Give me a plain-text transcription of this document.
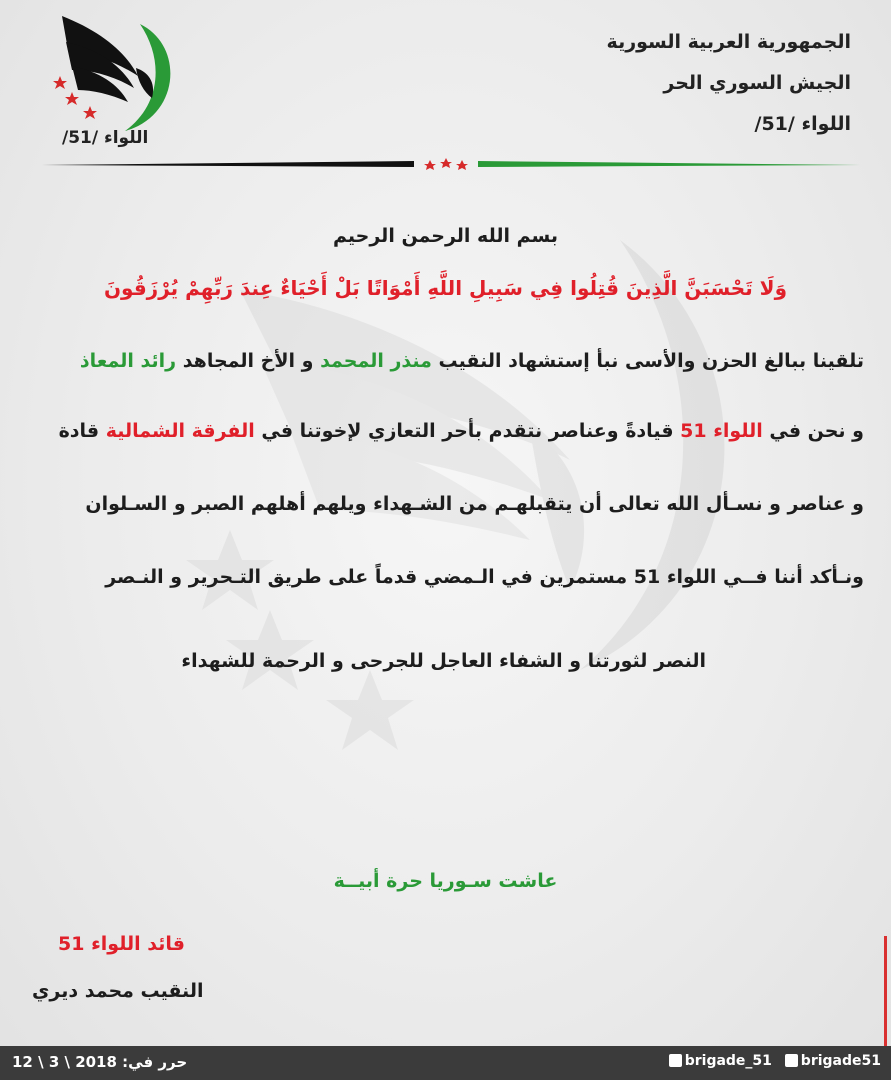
الجمهورية العربية السورية
الجيش السوري الحر
اللواء /51/
اللواء /51/
بسم الله الرحمن الرحيم
وَلَا تَحْسَبَنَّ الَّذِينَ قُتِلُوا فِي سَبِيلِ اللَّهِ أَمْوَاتًا بَلْ أَحْيَاءٌ عِندَ رَبِّهِمْ يُرْزَقُونَ
تلقينا ببالغ الحزن والأسى نبأ إستشهاد النقيب منذر المحمد و الأخ المجاهد رائد المعاذ
و نحن في اللواء 51 قيادةً وعناصر نتقدم بأحر التعازي لإخوتنا في الفرقة الشمالية قادة
و عناصر و نسـأل الله تعالى أن يتقبلهـم من الشـهداء ويلهم أهلهم الصبر و السـلوان
ونـأكد أننا فــي اللواء 51 مستمرين في الـمضي قدماً على طريق التـحرير و النـصر
النصر لثورتنا و الشفاء العاجل للجرحى و الرحمة للشهداء
عاشت سـوريا حرة أبيــة
قائد اللواء 51
النقيب محمد ديري
حرر في: 2018 \ 3 \ 12	brigade_51 brigade51
